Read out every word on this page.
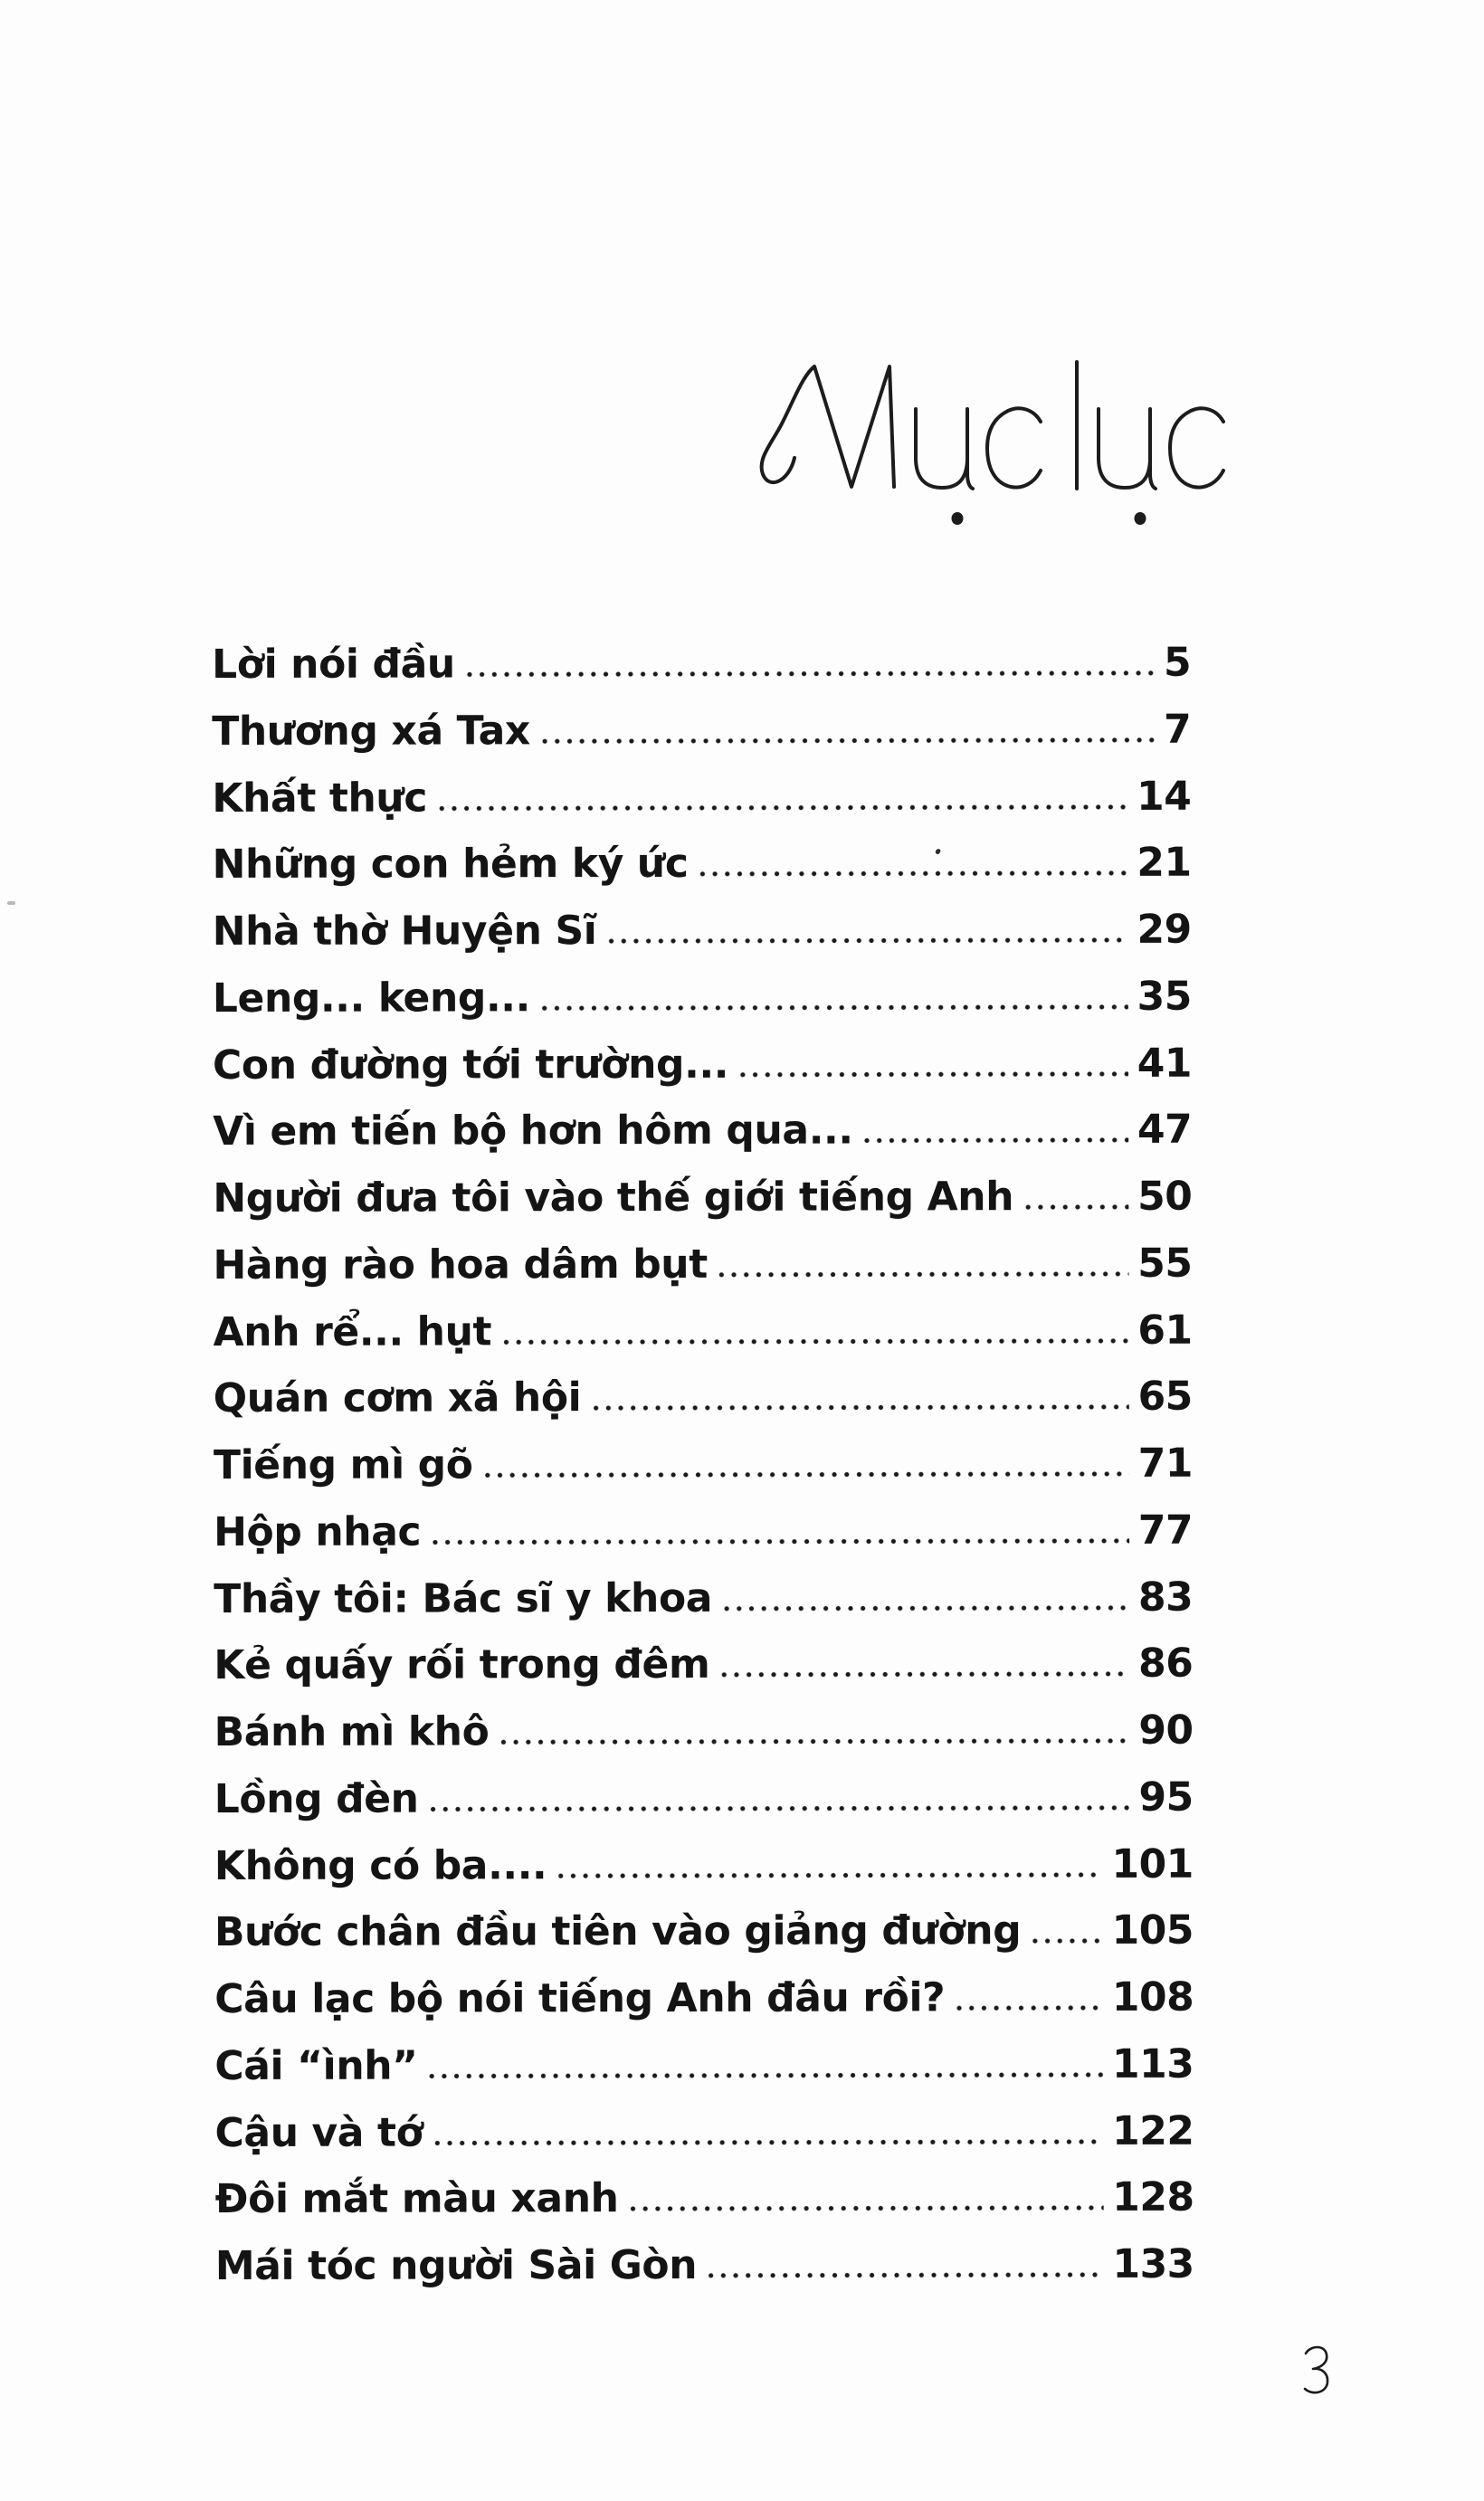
Lời nói đầu	5
Thương xá Tax	7
Khất thực	14
Những con hẻm ký ức	21
Nhà thờ Huyện Sĩ	29
Leng... keng...	35
Con đường tới trường...	41
Vì em tiến bộ hơn hôm qua...	47
Người đưa tôi vào thế giới tiếng Anh	50
Hàng rào hoa dâm bụt	55
Anh rể... hụt	61
Quán cơm xã hội	65
Tiếng mì gõ	71
Hộp nhạc	77
Thầy tôi: Bác sĩ y khoa	83
Kẻ quấy rối trong đêm	86
Bánh mì khô	90
Lồng đèn	95
Không có ba....	101
Bước chân đầu tiên vào giảng đường 105
Câu lạc bộ nói tiếng Anh đâu rồi?	108
Cái “ình”	113
Cậu và tớ	122
Đôi mắt màu xanh	128
Mái tóc người Sài Gòn	133
